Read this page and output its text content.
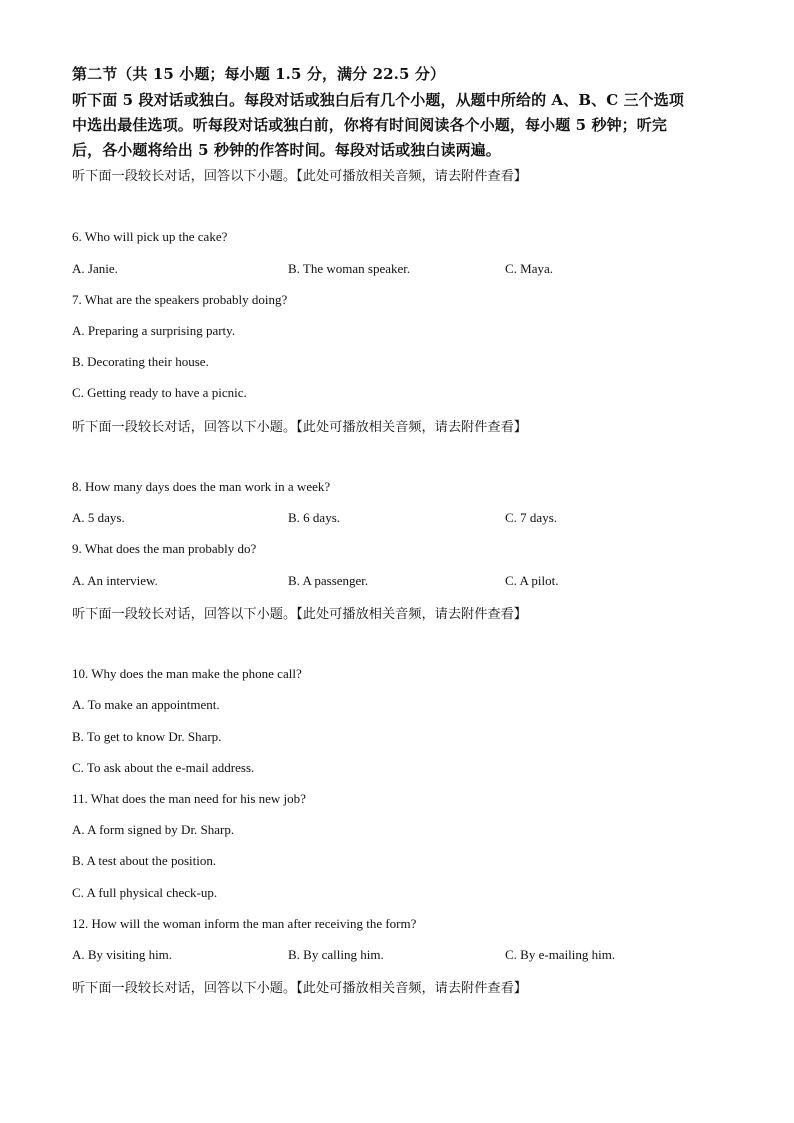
第二节（共 15 小题；每小题 1.5 分，满分 22.5 分）
听下面 5 段对话或独白。每段对话或独白后有几个小题，从题中所给的 A、B、C 三个选项
中选出最佳选项。听每段对话或独白前，你将有时间阅读各个小题，每小题 5 秒钟；听完
后，各小题将给出 5 秒钟的作答时间。每段对话或独白读两遍。
听下面一段较长对话，回答以下小题。【此处可播放相关音频，请去附件查看】
6. Who will pick up the cake?
A. Janie.	B. The woman speaker.	C. Maya.
7. What are the speakers probably doing?
A. Preparing a surprising party.
B. Decorating their house.
C. Getting ready to have a picnic.
听下面一段较长对话，回答以下小题。【此处可播放相关音频，请去附件查看】
8. How many days does the man work in a week?
A. 5 days.	B. 6 days.	C. 7 days.
9. What does the man probably do?
A. An interview.	B. A passenger.	C. A pilot.
听下面一段较长对话，回答以下小题。【此处可播放相关音频，请去附件查看】
10. Why does the man make the phone call?
A. To make an appointment.
B. To get to know Dr. Sharp.
C. To ask about the e-mail address.
11. What does the man need for his new job?
A. A form signed by Dr. Sharp.
B. A test about the position.
C. A full physical check-up.
12. How will the woman inform the man after receiving the form?
A. By visiting him.	B. By calling him.	C. By e-mailing him.
听下面一段较长对话，回答以下小题。【此处可播放相关音频，请去附件查看】
